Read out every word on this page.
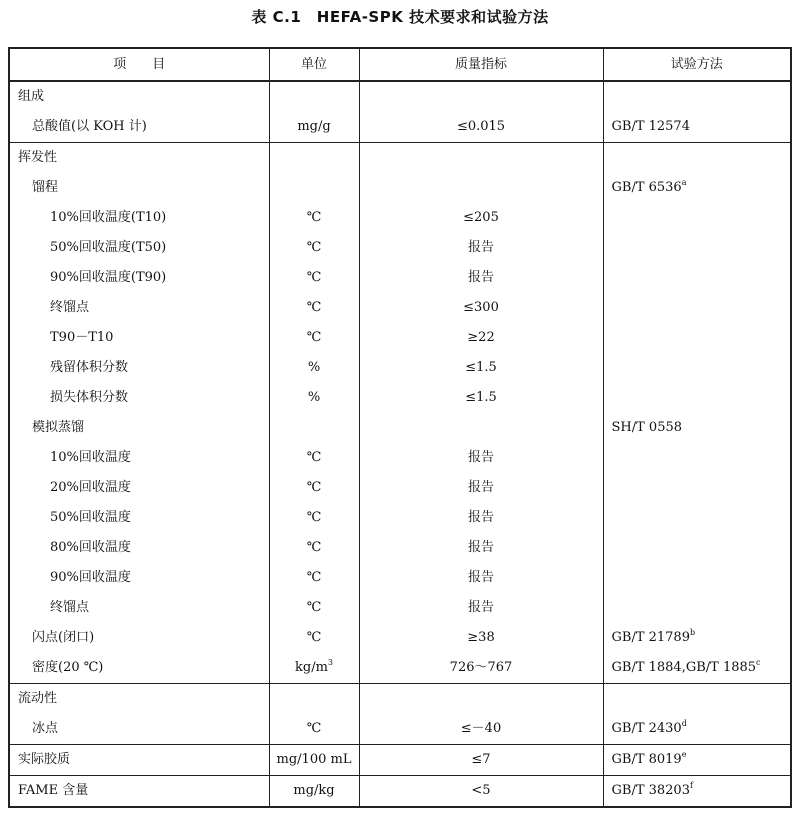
表 C.1　HEFA-SPK 技术要求和试验方法
项　　目	单位	质量指标	试验方法
组成			
总酸值(以 KOH 计)	mg/g	≤0.015	GB/T 12574
挥发性			
馏程			GB/T 6536$^a$
10%回收温度(T10)	℃	≤205	
50%回收温度(T50)	℃	报告	
90%回收温度(T90)	℃	报告	
终馏点	℃	≤300	
T90－T10	℃	≥22	
残留体积分数	%	≤1.5	
损失体积分数	%	≤1.5	
模拟蒸馏			SH/T 0558
10%回收温度	℃	报告	
20%回收温度	℃	报告	
50%回收温度	℃	报告	
80%回收温度	℃	报告	
90%回收温度	℃	报告	
终馏点	℃	报告	
闪点(闭口)	℃	≥38	GB/T 21789$^b$
密度(20 ℃)	$kg/m^3$	726～767	GB/T 1884,GB/T 1885$^c$
流动性			
冰点	℃	≤－40	GB/T 2430$^d$
实际胶质	mg/100 mL	≤7	GB/T 8019e
FAME 含量	mg/kg	<5	GB/T 38203$^f$
